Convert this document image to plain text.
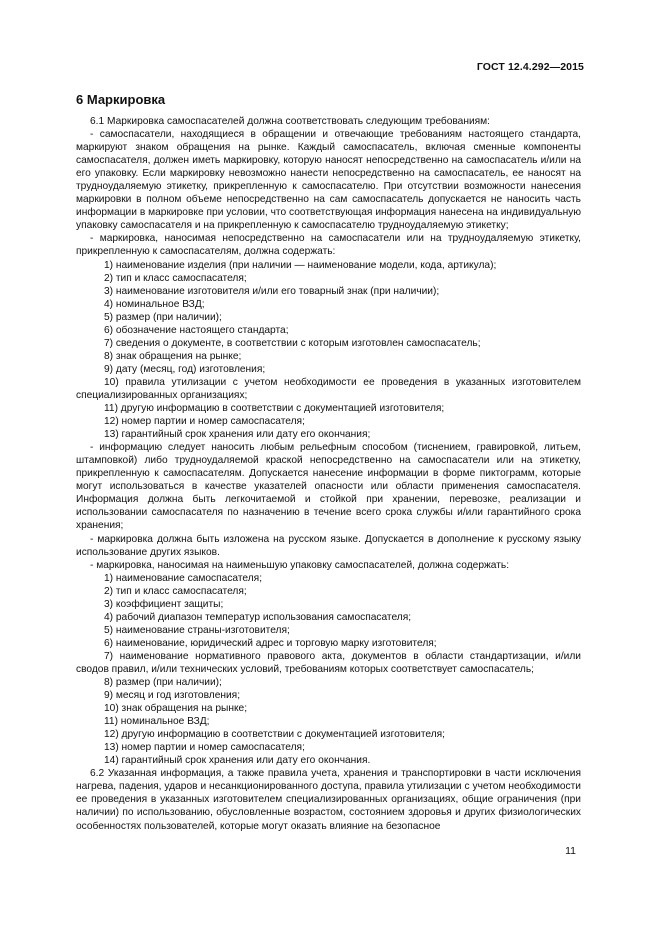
ГОСТ 12.4.292—2015
6 Маркировка

6.1 Маркировка самоспасателей должна соответствовать следующим требованиям:

- самоспасатели, находящиеся в обращении и отвечающие требованиям настоящего стандарта, маркируют знаком обращения на рынке. Каждый самоспасатель, включая сменные компоненты самоспасателя, должен иметь маркировку, которую наносят непосредственно на самоспасатель и/или на его упаковку. Если маркировку невозможно нанести непосредственно на самоспасатель, ее наносят на трудноудаляемую этикетку, прикрепленную к самоспасателю. При отсутствии возможности нанесения маркировки в полном объеме непосредственно на сам самоспасатель допускается не наносить часть информации в маркировке при условии, что соответствующая информация нанесена на индивидуальную упаковку самоспасателя и на прикрепленную к самоспасателю трудноудаляемую этикетку;

- маркировка, наносимая непосредственно на самоспасатели или на трудноудаляемую этикетку, прикрепленную к самоспасателям, должна содержать:

1) наименование изделия (при наличии — наименование модели, кода, артикула);

2) тип и класс самоспасателя;

3) наименование изготовителя и/или его товарный знак (при наличии);

4) номинальное ВЗД;

5) размер (при наличии);

6) обозначение настоящего стандарта;

7) сведения о документе, в соответствии с которым изготовлен самоспасатель;

8) знак обращения на рынке;

9) дату (месяц, год) изготовления;

10) правила утилизации с учетом необходимости ее проведения в указанных изготовителем специализированных организациях;

11) другую информацию в соответствии с документацией изготовителя;

12) номер партии и номер самоспасателя;

13) гарантийный срок хранения или дату его окончания;

- информацию следует наносить любым рельефным способом (тиснением, гравировкой, литьем, штамповкой) либо трудноудаляемой краской непосредственно на самоспасатели или на этикетку, прикрепленную к самоспасателям. Допускается нанесение информации в форме пиктограмм, которые могут использоваться в качестве указателей опасности или области применения самоспасателя. Информация должна быть легкочитаемой и стойкой при хранении, перевозке, реализации и использовании самоспасателя по назначению в течение всего срока службы и/или гарантийного срока хранения;

- маркировка должна быть изложена на русском языке. Допускается в дополнение к русскому языку использование других языков.

- маркировка, наносимая на наименьшую упаковку самоспасателей, должна содержать:

1) наименование самоспасателя;

2) тип и класс самоспасателя;

3) коэффициент защиты;

4) рабочий диапазон температур использования самоспасателя;

5) наименование страны-изготовителя;

6) наименование, юридический адрес и торговую марку изготовителя;

7) наименование нормативного правового акта, документов в области стандартизации, и/или сводов правил, и/или технических условий, требованиям которых соответствует самоспасатель;

8) размер (при наличии);

9) месяц и год изготовления;

10) знак обращения на рынке;

11) номинальное ВЗД;

12) другую информацию в соответствии с документацией изготовителя;

13) номер партии и номер самоспасателя;

14) гарантийный срок хранения или дату его окончания.

6.2 Указанная информация, а также правила учета, хранения и транспортировки в части исключения нагрева, падения, ударов и несанкционированного доступа, правила утилизации с учетом необходимости ее проведения в указанных изготовителем специализированных организациях, общие ограничения (при наличии) по использованию, обусловленные возрастом, состоянием здоровья и других физиологических особенностях пользователей, которые могут оказать влияние на безопасное

11
